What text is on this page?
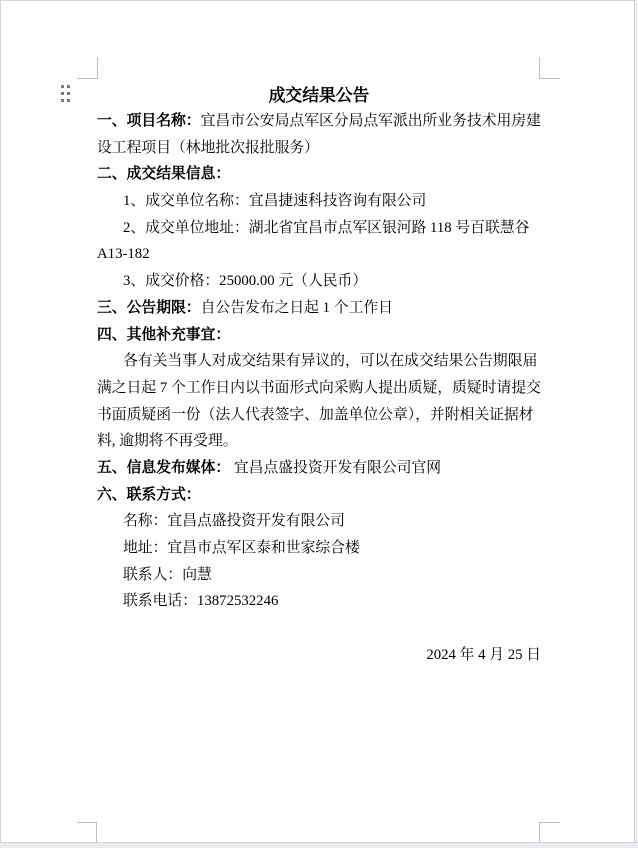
成交结果公告
一、项目名称：宜昌市公安局点军区分局点军派出所业务技术用房建
设工程项目（林地批次报批服务）
二、成交结果信息：
1、成交单位名称：宜昌捷速科技咨询有限公司
2、成交单位地址：湖北省宜昌市点军区银河路 118 号百联慧谷
A13-182
3、成交价格：25000.00 元（人民币）
三、公告期限：自公告发布之日起 1 个工作日
四、其他补充事宜：
各有关当事人对成交结果有异议的，可以在成交结果公告期限届
满之日起 7 个工作日内以书面形式向采购人提出质疑，质疑时请提交
书面质疑函一份（法人代表签字、加盖单位公章），并附相关证据材
料, 逾期将不再受理。
五、信息发布媒体： 宜昌点盛投资开发有限公司官网
六、联系方式：
名称：宜昌点盛投资开发有限公司
地址：宜昌市点军区泰和世家综合楼
联系人：向慧
联系电话：13872532246
2024 年 4 月 25 日
